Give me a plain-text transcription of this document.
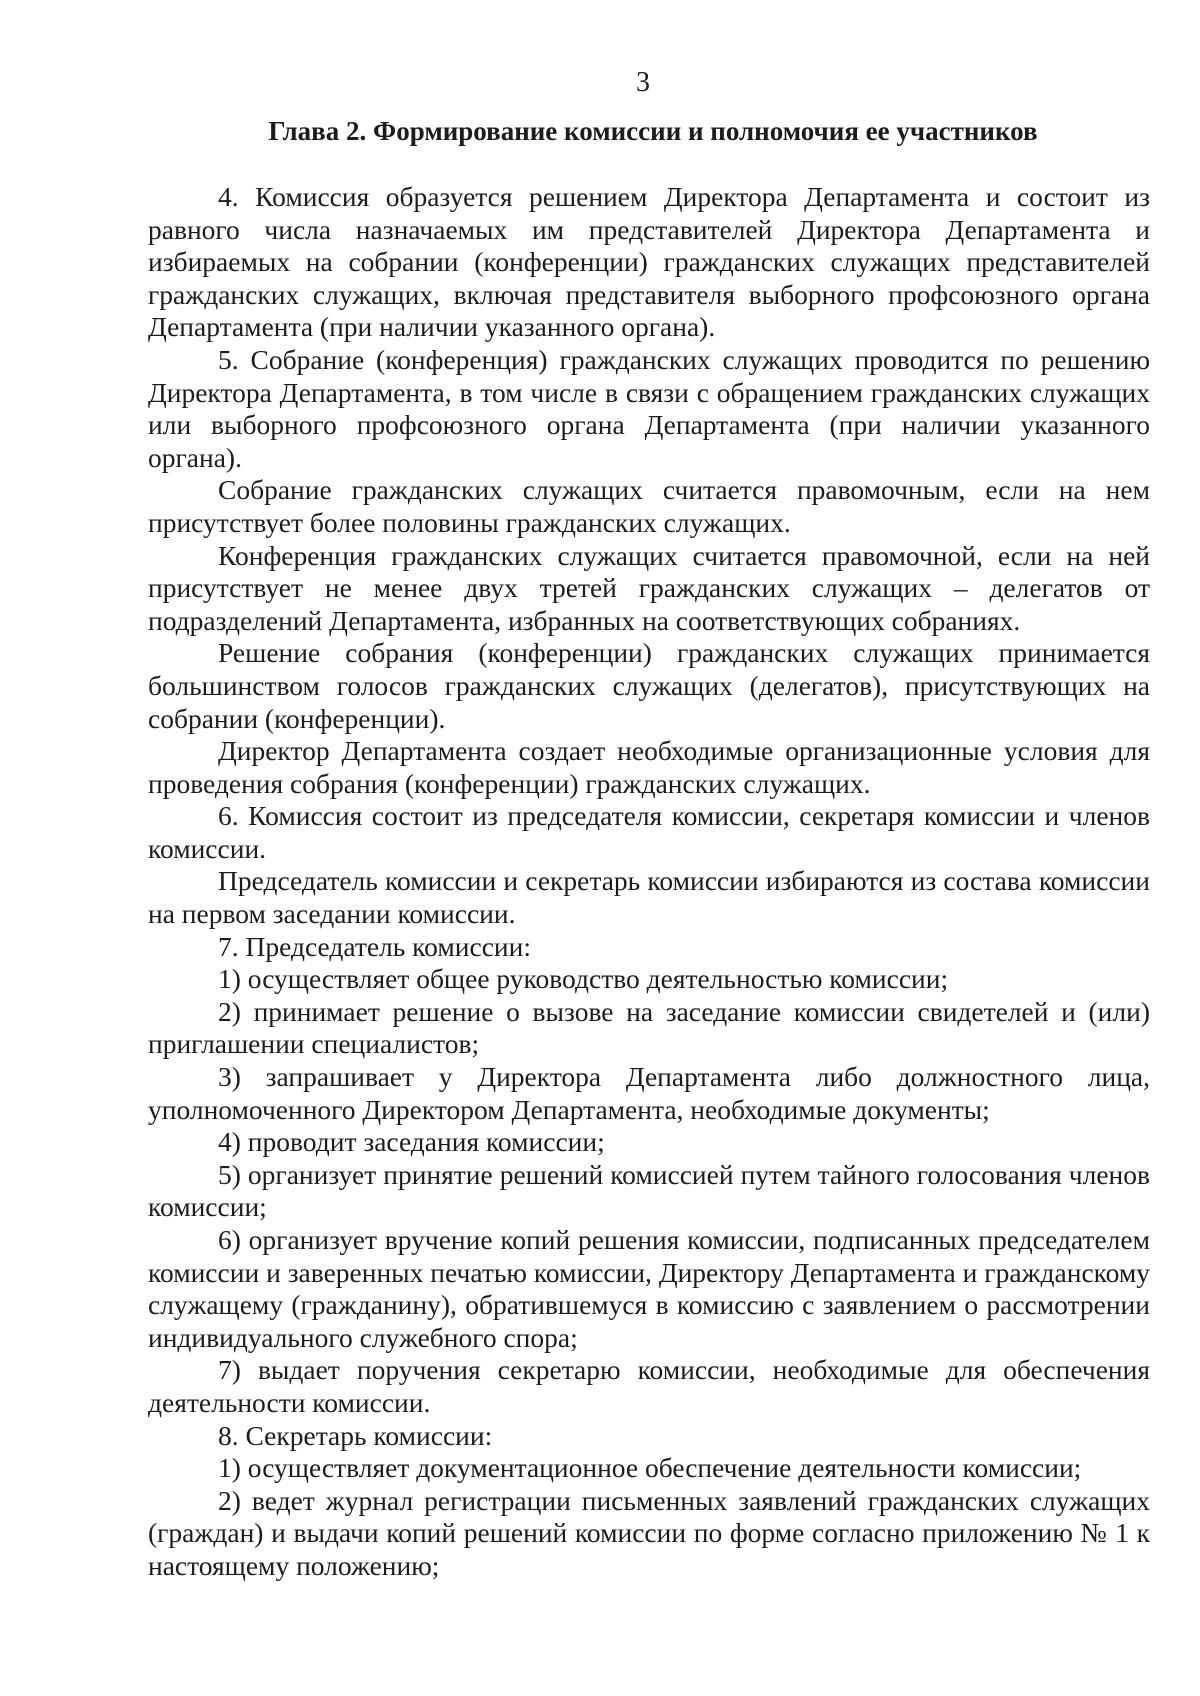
3
Глава 2. Формирование комиссии и полномочия ее участников

4. Комиссия образуется решением Директора Департамента и состоит из равного числа назначаемых им представителей Директора Департамента и избираемых на собрании (конференции) гражданских служащих представителей гражданских служащих, включая представителя выборного профсоюзного органа Департамента (при наличии указанного органа).

5. Собрание (конференция) гражданских служащих проводится по решению Директора Департамента, в том числе в связи с обращением гражданских служащих или выборного профсоюзного органа Департамента (при наличии указанного органа).

Собрание гражданских служащих считается правомочным, если на нем присутствует более половины гражданских служащих.

Конференция гражданских служащих считается правомочной, если на ней присутствует не менее двух третей гражданских служащих – делегатов от подразделений Департамента, избранных на соответствующих собраниях.

Решение собрания (конференции) гражданских служащих принимается большинством голосов гражданских служащих (делегатов), присутствующих на собрании (конференции).

Директор Департамента создает необходимые организационные условия для проведения собрания (конференции) гражданских служащих.

6. Комиссия состоит из председателя комиссии, секретаря комиссии и членов комиссии.

Председатель комиссии и секретарь комиссии избираются из состава комиссии на первом заседании комиссии.

7. Председатель комиссии:

1) осуществляет общее руководство деятельностью комиссии;

2) принимает решение о вызове на заседание комиссии свидетелей и (или) приглашении специалистов;

3) запрашивает у Директора Департамента либо должностного лица, уполномоченного Директором Департамента, необходимые документы;

4) проводит заседания комиссии;

5) организует принятие решений комиссией путем тайного голосования членов комиссии;

6) организует вручение копий решения комиссии, подписанных председателем комиссии и заверенных печатью комиссии, Директору Департамента и гражданскому служащему (гражданину), обратившемуся в комиссию с заявлением о рассмотрении индивидуального служебного спора;

7) выдает поручения секретарю комиссии, необходимые для обеспечения деятельности комиссии.

8. Секретарь комиссии:

1) осуществляет документационное обеспечение деятельности комиссии;

2) ведет журнал регистрации письменных заявлений гражданских служащих (граждан) и выдачи копий решений комиссии по форме согласно приложению № 1 к настоящему положению;
